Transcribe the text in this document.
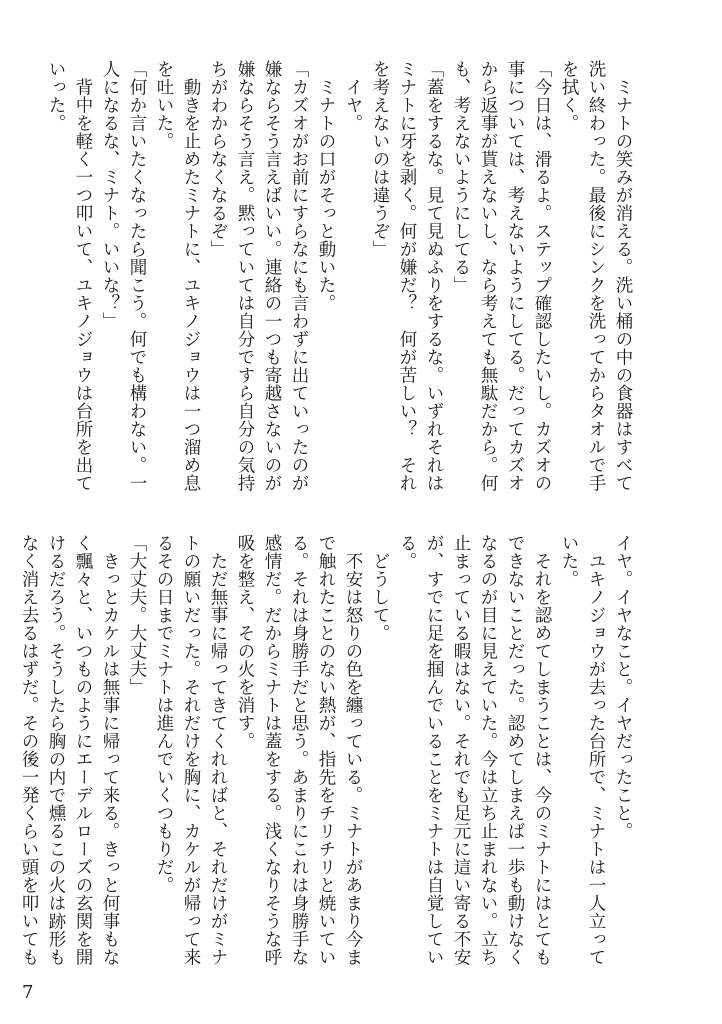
　ミナトの笑みが消える。洗い桶の中の食器はすべて
洗い終わった。最後にシンクを洗ってからタオルで手
を拭く。
「今日は、滑るよ。ステップ確認したいし。カズオの
事については、考えないようにしてる。だってカズオ
から返事が貰えないし、なら考えても無駄だから。何
も、考えないようにしてる」
「蓋をするな。見て見ぬふりをするな。いずれそれは
ミナトに牙を剥く。何が嫌だ？　何が苦しい？　それ
を考えないのは違うぞ」
　イヤ。
　ミナトの口がそっと動いた。
「カズオがお前にすらなにも言わずに出ていったのが
嫌ならそう言えばいい。連絡の一つも寄越さないのが
嫌ならそう言え。黙っていては自分ですら自分の気持
ちがわからなくなるぞ」
　動きを止めたミナトに、ユキノジョウは一つ溜め息
を吐いた。
「何か言いたくなったら聞こう。何でも構わない。一
人になるな、ミナト。いいな？」
　背中を軽く一つ叩いて、ユキノジョウは台所を出て
いった。
イヤ。イヤなこと。イヤだったこと。
　ユキノジョウが去った台所で、ミナトは一人立って
いた。
　それを認めてしまうことは、今のミナトにはとても
できないことだった。認めてしまえば一歩も動けなく
なるのが目に見えていた。今は立ち止まれない。立ち
止まっている暇はない。それでも足元に這い寄る不安
が、すでに足を掴んでいることをミナトは自覚してい
る。
　どうして。
　不安は怒りの色を纏っている。ミナトがあまり今ま
で触れたことのない熱が、指先をチリチリと焼いてい
る。それは身勝手だと思う。あまりにこれは身勝手な
感情だ。だからミナトは蓋をする。浅くなりそうな呼
吸を整え、その火を消す。
　ただ無事に帰ってきてくれればと、それだけがミナ
トの願いだった。それだけを胸に、カケルが帰って来
るその日までミナトは進んでいくつもりだ。
「大丈夫。大丈夫」
　きっとカケルは無事に帰って来る。きっと何事もな
く飄々と、いつものようにエーデルローズの玄関を開
けるだろう。そうしたら胸の内で燻るこの火は跡形も
なく消え去るはずだ。その後一発くらい頭を叩いても
7
